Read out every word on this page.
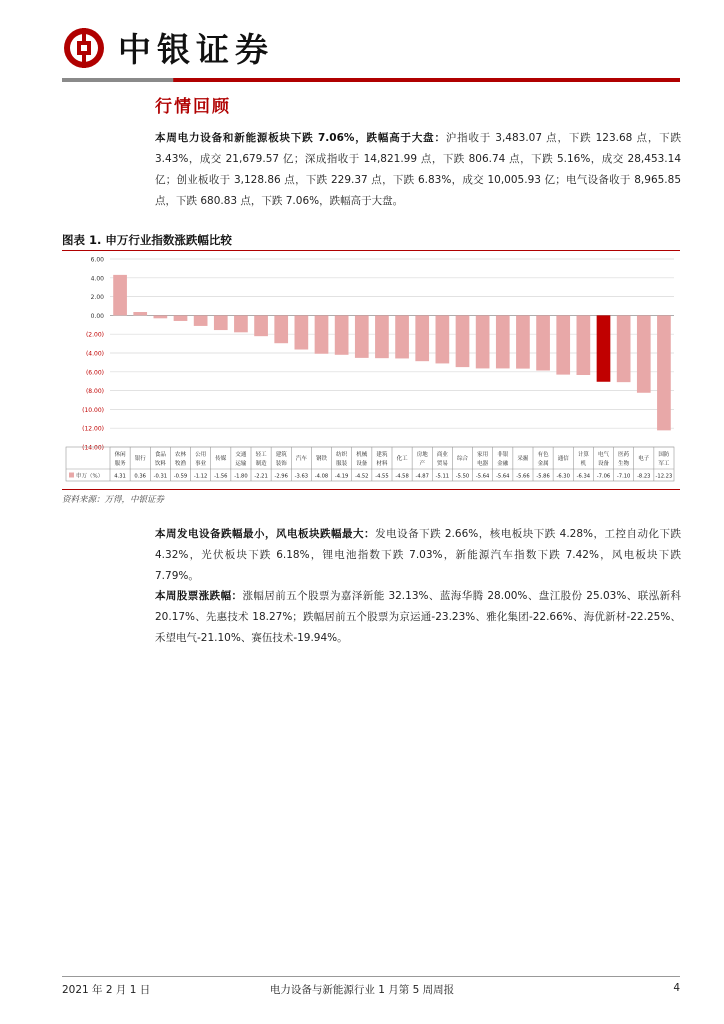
中银证券
行情回顾
本周电力设备和新能源板块下跌 7.06%，跌幅高于大盘：沪指收于 3,483.07 点，下跌 123.68 点，下跌 3.43%，成交 21,679.57 亿；深成指收于 14,821.99 点，下跌 806.74 点，下跌 5.16%，成交 28,453.14 亿；创业板收于 3,128.86 点，下跌 229.37 点，下跌 6.83%，成交 10,005.93 亿；电气设备收于 8,965.85 点，下跌 680.83 点，下跌 7.06%，跌幅高于大盘。
图表 1. 申万行业指数涨跌幅比较
6.00
4.00
2.00
0.00
(2.00)
(4.00)
(6.00)
(8.00)
(10.00)
(12.00)
(14.00)
申万（%）
休闲
服务
4.31
银行
0.36
食品
饮料
-0.31
农林
牧渔
-0.59
公用
事业
-1.12
传媒
-1.56
交通
运输
-1.80
轻工
制造
-2.21
建筑
装饰
-2.96
汽车
-3.63
钢铁
-4.08
纺织
服装
-4.19
机械
设备
-4.52
建筑
材料
-4.55
化工
-4.58
房地
产
-4.87
商业
贸易
-5.11
综合
-5.50
家用
电器
-5.64
非银
金融
-5.64
采掘
-5.66
有色
金属
-5.86
通信
-6.30
计算
机
-6.34
电气
设备
-7.06
医药
生物
-7.10
电子
-8.23
国防
军工
-12.23
资料来源：万得，中银证券
本周发电设备跌幅最小，风电板块跌幅最大：发电设备下跌 2.66%，核电板块下跌 4.28%，工控自动化下跌 4.32%，光伏板块下跌 6.18%，锂电池指数下跌 7.03%，新能源汽车指数下跌 7.42%，风电板块下跌 7.79%。
本周股票涨跌幅：涨幅居前五个股票为嘉泽新能 32.13%、蓝海华腾 28.00%、盘江股份 25.03%、联泓新科 20.17%、先惠技术 18.27%；跌幅居前五个股票为京运通-23.23%、雅化集团-22.66%、海优新材-22.25%、禾望电气-21.10%、赛伍技术-19.94%。
2021 年 2 月 1 日	电力设备与新能源行业 1 月第 5 周周报	4
